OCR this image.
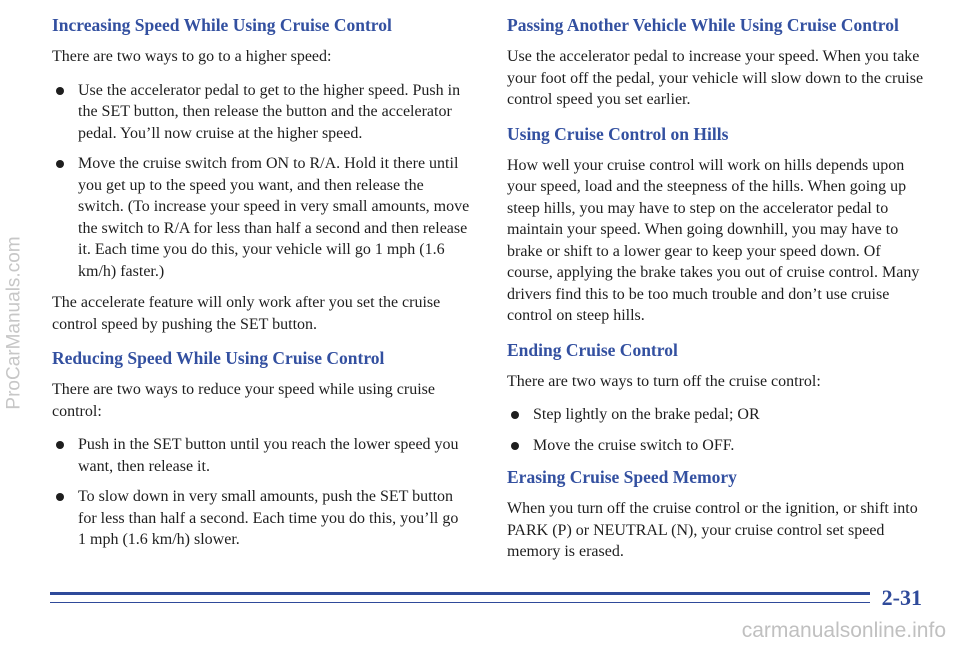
ProCarManuals.com
Increasing Speed While Using Cruise Control

There are two ways to go to a higher speed:

Use the accelerator pedal to get to the higher speed. Push in the SET button, then release the button and the accelerator pedal. You’ll now cruise at the higher speed.
Move the cruise switch from ON to R/A. Hold it there until you get up to the speed you want, and then release the switch. (To increase your speed in very small amounts, move the switch to R/A for less than half a second and then release it. Each time you do this, your vehicle will go 1 mph (1.6 km/h) faster.)

The accelerate feature will only work after you set the cruise control speed by pushing the SET button.

Reducing Speed While Using Cruise Control

There are two ways to reduce your speed while using cruise control:

Push in the SET button until you reach the lower speed you want, then release it.
To slow down in very small amounts, push the SET button for less than half a second. Each time you do this, you’ll go 1 mph (1.6 km/h) slower.
Passing Another Vehicle While Using Cruise Control

Use the accelerator pedal to increase your speed. When you take your foot off the pedal, your vehicle will slow down to the cruise control speed you set earlier.

Using Cruise Control on Hills

How well your cruise control will work on hills depends upon your speed, load and the steepness of the hills. When going up steep hills, you may have to step on the accelerator pedal to maintain your speed. When going downhill, you may have to brake or shift to a lower gear to keep your speed down. Of course, applying the brake takes you out of cruise control. Many drivers find this to be too much trouble and don’t use cruise control on steep hills.

Ending Cruise Control

There are two ways to turn off the cruise control:

Step lightly on the brake pedal; OR
Move the cruise switch to OFF.
Erasing Cruise Speed Memory

When you turn off the cruise control or the ignition, or shift into PARK (P) or NEUTRAL (N), your cruise control set speed memory is erased.

2-31
carmanualsonline.info
